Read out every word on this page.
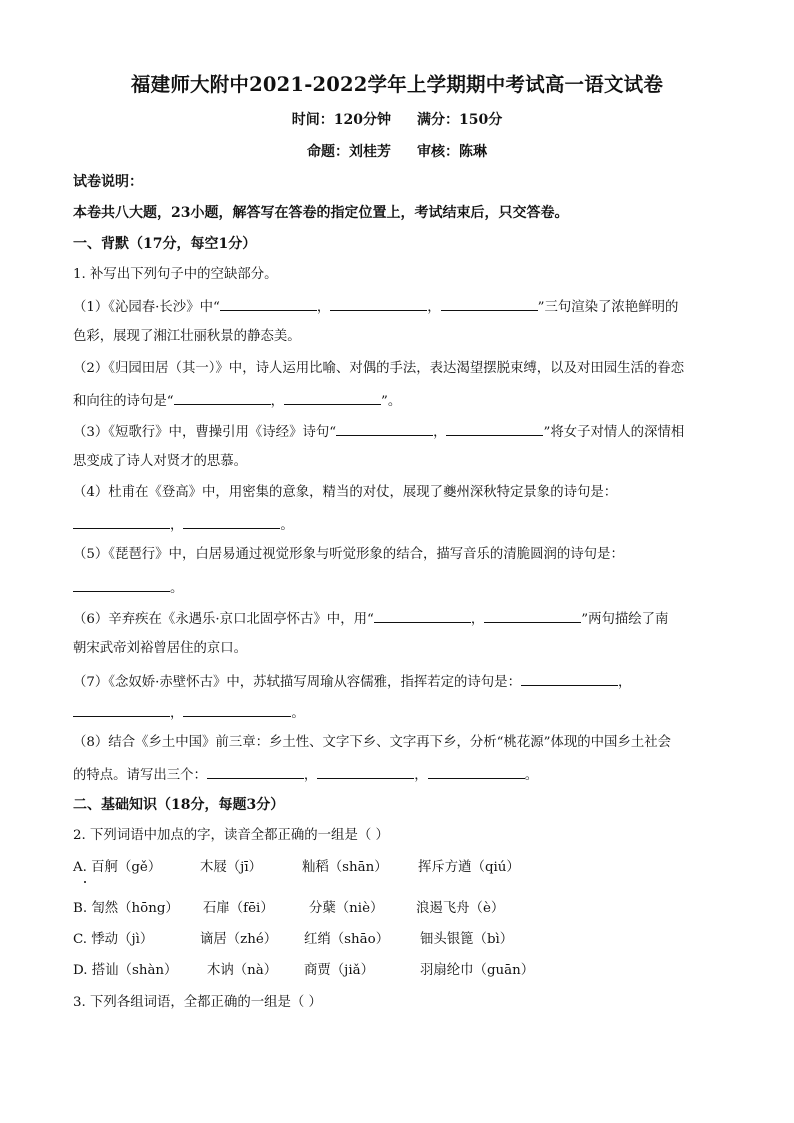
福建师大附中2021-2022学年上学期期中考试高一语文试卷
时间：120分钟 满分：150分
命题：刘桂芳 审核：陈琳
试卷说明：
本卷共八大题，23小题，解答写在答卷的指定位置上，考试结束后，只交答卷。
一、背默（17分，每空1分）
1. 补写出下列句子中的空缺部分。
（1）《沁园春·长沙》中“	，	，	”三句渲染了浓艳鲜明的
色彩，展现了湘江壮丽秋景的静态美。
（2）《归园田居（其一）》中，诗人运用比喻、对偶的手法，表达渴望摆脱束缚，以及对田园生活的眷恋
和向往的诗句是“	，	”。
（3）《短歌行》中，曹操引用《诗经》诗句“	，	”将女子对情人的深情相
思变成了诗人对贤才的思慕。
（4）杜甫在《登高》中，用密集的意象，精当的对仗，展现了夔州深秋特定景象的诗句是：
，	。
（5）《琵琶行》中，白居易通过视觉形象与听觉形象的结合，描写音乐的清脆圆润的诗句是：
。
（6）辛弃疾在《永遇乐·京口北固亭怀古》中，用“	，	”两句描绘了南
朝宋武帝刘裕曾居住的京口。
（7）《念奴娇·赤壁怀古》中，苏轼描写周瑜从容儒雅，指挥若定的诗句是：	，
，	。
（8）结合《乡土中国》前三章：乡土性、文字下乡、文字再下乡，分析“桃花源”体现的中国乡土社会
的特点。请写出三个：	，	，	。
二、基础知识（18分，每题3分）
2. 下列词语中加点的字，读音全都正确的一组是（ ）
A. 百舸（gě）	木屐（jī）	籼稻（shān） 挥斥方遒（qiú）
B. 訇然（hōng） 石扉（fēi）	分蘖（niè） 浪遏飞舟（è）
C. 悸动（jì）	谪居（zhé） 红绡（shāo） 钿头银篦（bì）
D. 搭讪（shàn） 木讷（nà） 商贾（jiǎ）	羽扇纶巾（guān）
3. 下列各组词语，全都正确的一组是（ ）
